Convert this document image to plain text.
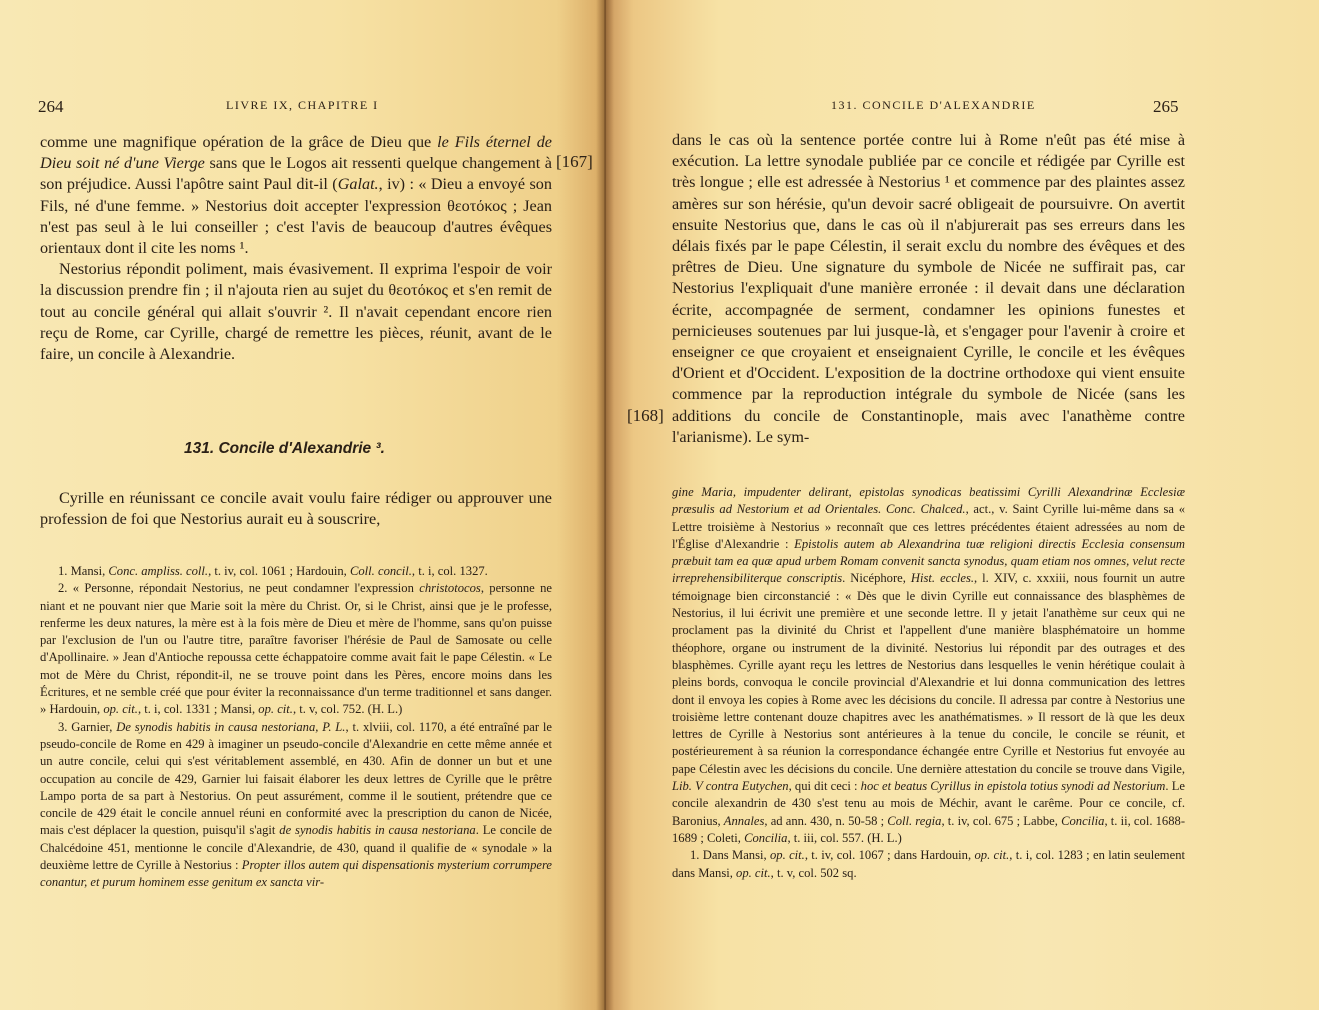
264	LIVRE IX, CHAPITRE I

comme une magnifique opération de la grâce de Dieu que le Fils éternel de Dieu soit né d'une Vierge sans que le Logos ait ressenti quelque changement à son préjudice. Aussi l'apôtre saint Paul dit-il (Galat., iv) : « Dieu a envoyé son Fils, né d'une femme. » Nestorius doit accepter l'expression θεοτόκος ; Jean n'est pas seul à le lui conseiller ; c'est l'avis de beaucoup d'autres évêques orientaux dont il cite les noms ¹.

Nestorius répondit poliment, mais évasivement. Il exprima l'espoir de voir la discussion prendre fin ; il n'ajouta rien au sujet du θεοτόκος et s'en remit de tout au concile général qui allait s'ouvrir ². Il n'avait cependant encore rien reçu de Rome, car Cyrille, chargé de remettre les pièces, réunit, avant de le faire, un concile à Alexandrie.

131. Concile d'Alexandrie ³.

Cyrille en réunissant ce concile avait voulu faire rédiger ou approuver une profession de foi que Nestorius aurait eu à souscrire,

1. Mansi, Conc. ampliss. coll., t. iv, col. 1061 ; Hardouin, Coll. concil., t. i, col. 1327.

2. « Personne, répondait Nestorius, ne peut condamner l'expression christotocos, personne ne niant et ne pouvant nier que Marie soit la mère du Christ. Or, si le Christ, ainsi que je le professe, renferme les deux natures, la mère est à la fois mère de Dieu et mère de l'homme, sans qu'on puisse par l'exclusion de l'un ou l'autre titre, paraître favoriser l'hérésie de Paul de Samosate ou celle d'Apollinaire. » Jean d'Antioche repoussa cette échappatoire comme avait fait le pape Célestin. « Le mot de Mère du Christ, répondit-il, ne se trouve point dans les Pères, encore moins dans les Écritures, et ne semble créé que pour éviter la reconnaissance d'un terme traditionnel et sans danger. » Hardouin, op. cit., t. i, col. 1331 ; Mansi, op. cit., t. v, col. 752. (H. L.)

3. Garnier, De synodis habitis in causa nestoriana, P. L., t. xlviii, col. 1170, a été entraîné par le pseudo-concile de Rome en 429 à imaginer un pseudo-concile d'Alexandrie en cette même année et un autre concile, celui qui s'est véritablement assemblé, en 430. Afin de donner un but et une occupation au concile de 429, Garnier lui faisait élaborer les deux lettres de Cyrille que le prêtre Lampo porta de sa part à Nestorius. On peut assurément, comme il le soutient, prétendre que ce concile de 429 était le concile annuel réuni en conformité avec la prescription du canon de Nicée, mais c'est déplacer la question, puisqu'il s'agit de synodis habitis in causa nestoriana. Le concile de Chalcédoine 451, mentionne le concile d'Alexandrie, de 430, quand il qualifie de « synodale » la deuxième lettre de Cyrille à Nestorius : Propter illos autem qui dispensationis mysterium corrumpere conantur, et purum hominem esse genitum ex sancta vir-

[167]
131. CONCILE D'ALEXANDRIE	265

dans le cas où la sentence portée contre lui à Rome n'eût pas été mise à exécution. La lettre synodale publiée par ce concile et rédigée par Cyrille est très longue ; elle est adressée à Nestorius ¹ et commence par des plaintes assez amères sur son hérésie, qu'un devoir sacré obligeait de poursuivre. On avertit ensuite Nestorius que, dans le cas où il n'abjurerait pas ses erreurs dans les délais fixés par le pape Célestin, il serait exclu du nombre des évêques et des prêtres de Dieu. Une signature du symbole de Nicée ne suffirait pas, car Nestorius l'expliquait d'une manière erronée : il devait dans une déclaration écrite, accompagnée de serment, condamner les opinions funestes et pernicieuses soutenues par lui jusque-là, et s'engager pour l'avenir à croire et enseigner ce que croyaient et enseignaient Cyrille, le concile et les évêques d'Orient et d'Occident. L'exposition de la doctrine orthodoxe qui vient ensuite commence par la reproduction intégrale du symbole de Nicée (sans les additions du concile de Constantinople, mais avec l'anathème contre l'arianisme). Le sym-

gine Maria, impudenter delirant, epistolas synodicas beatissimi Cyrilli Alexandrinæ Ecclesiæ præsulis ad Nestorium et ad Orientales. Conc. Chalced., act., v. Saint Cyrille lui-même dans sa « Lettre troisième à Nestorius » reconnaît que ces lettres précédentes étaient adressées au nom de l'Église d'Alexandrie : Epistolis autem ab Alexandrina tuæ religioni directis Ecclesia consensum præbuit tam ea quæ apud urbem Romam convenit sancta synodus, quam etiam nos omnes, velut recte irreprehensibiliterque conscriptis. Nicéphore, Hist. eccles., l. XIV, c. xxxiii, nous fournit un autre témoignage bien circonstancié : « Dès que le divin Cyrille eut connaissance des blasphèmes de Nestorius, il lui écrivit une première et une seconde lettre. Il y jetait l'anathème sur ceux qui ne proclament pas la divinité du Christ et l'appellent d'une manière blasphématoire un homme théophore, organe ou instrument de la divinité. Nestorius lui répondit par des outrages et des blasphèmes. Cyrille ayant reçu les lettres de Nestorius dans lesquelles le venin hérétique coulait à pleins bords, convoqua le concile provincial d'Alexandrie et lui donna communication des lettres dont il envoya les copies à Rome avec les décisions du concile. Il adressa par contre à Nestorius une troisième lettre contenant douze chapitres avec les anathématismes. » Il ressort de là que les deux lettres de Cyrille à Nestorius sont antérieures à la tenue du concile, le concile se réunit, et postérieurement à sa réunion la correspondance échangée entre Cyrille et Nestorius fut envoyée au pape Célestin avec les décisions du concile. Une dernière attestation du concile se trouve dans Vigile, Lib. V contra Eutychen, qui dit ceci : hoc et beatus Cyrillus in epistola totius synodi ad Nestorium. Le concile alexandrin de 430 s'est tenu au mois de Méchir, avant le carême. Pour ce concile, cf. Baronius, Annales, ad ann. 430, n. 50-58 ; Coll. regia, t. iv, col. 675 ; Labbe, Concilia, t. ii, col. 1688-1689 ; Coleti, Concilia, t. iii, col. 557. (H. L.)

1. Dans Mansi, op. cit., t. iv, col. 1067 ; dans Hardouin, op. cit., t. i, col. 1283 ; en latin seulement dans Mansi, op. cit., t. v, col. 502 sq.

[168]
